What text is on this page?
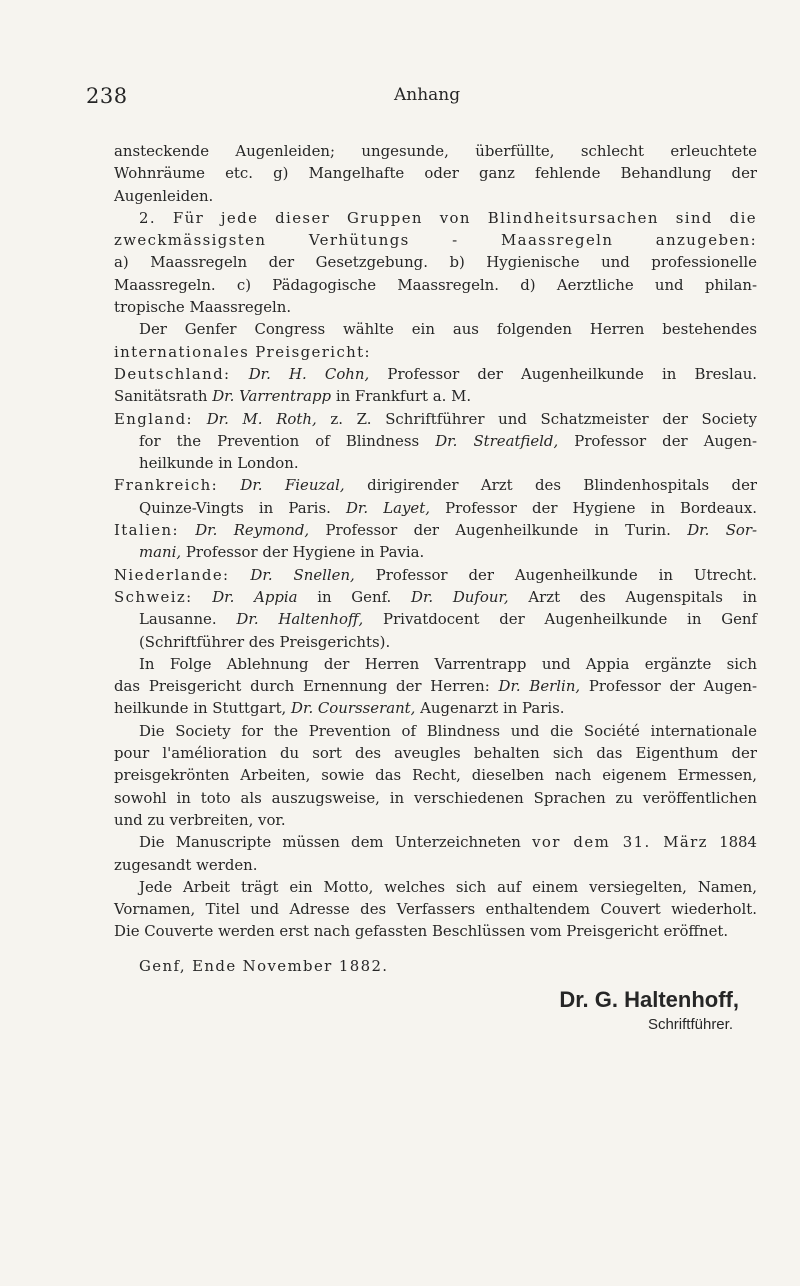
238	Anhang
ansteckende Augenleiden; ungesunde, überfüllte, schlecht erleuchtete
Wohnräume etc. g) Mangelhafte oder ganz fehlende Behandlung der
Augenleiden.
2. Für jede dieser Gruppen von Blindheitsursachen sind die
zweckmässigsten Verhütungs - Maassregeln anzugeben:
a) Maassregeln der Gesetzgebung. b) Hygienische und professionelle
Maassregeln. c) Pädagogische Maassregeln. d) Aerztliche und philan-
tropische Maassregeln.
Der Genfer Congress wählte ein aus folgenden Herren bestehendes
internationales Preisgericht:
Deutschland: Dr. H. Cohn, Professor der Augenheilkunde in Breslau.
Sanitätsrath Dr. Varrentrapp in Frankfurt a. M.
England: Dr. M. Roth, z. Z. Schriftführer und Schatzmeister der Society
for the Prevention of Blindness Dr. Streatfield, Professor der Augen-
heilkunde in London.
Frankreich: Dr. Fieuzal, dirigirender Arzt des Blindenhospitals der
Quinze-Vingts in Paris. Dr. Layet, Professor der Hygiene in Bordeaux.
Italien: Dr. Reymond, Professor der Augenheilkunde in Turin. Dr. Sor-
mani, Professor der Hygiene in Pavia.
Niederlande: Dr. Snellen, Professor der Augenheilkunde in Utrecht.
Schweiz: Dr. Appia in Genf. Dr. Dufour, Arzt des Augenspitals in
Lausanne. Dr. Haltenhoff, Privatdocent der Augenheilkunde in Genf
(Schriftführer des Preisgerichts).
In Folge Ablehnung der Herren Varrentrapp und Appia ergänzte sich
das Preisgericht durch Ernennung der Herren: Dr. Berlin, Professor der Augen-
heilkunde in Stuttgart, Dr. Coursserant, Augenarzt in Paris.
Die Society for the Prevention of Blindness und die Société internationale
pour l'amélioration du sort des aveugles behalten sich das Eigenthum der
preisgekrönten Arbeiten, sowie das Recht, dieselben nach eigenem Ermessen,
sowohl in toto als auszugsweise, in verschiedenen Sprachen zu veröffentlichen
und zu verbreiten, vor.
Die Manuscripte müssen dem Unterzeichneten vor dem 31. März 1884
zugesandt werden.
Jede Arbeit trägt ein Motto, welches sich auf einem versiegelten, Namen,
Vornamen, Titel und Adresse des Verfassers enthaltendem Couvert wiederholt.
Die Couverte werden erst nach gefassten Beschlüssen vom Preisgericht eröffnet.
Genf, Ende November 1882.
Dr. G. Haltenhoff,
Schriftführer.
